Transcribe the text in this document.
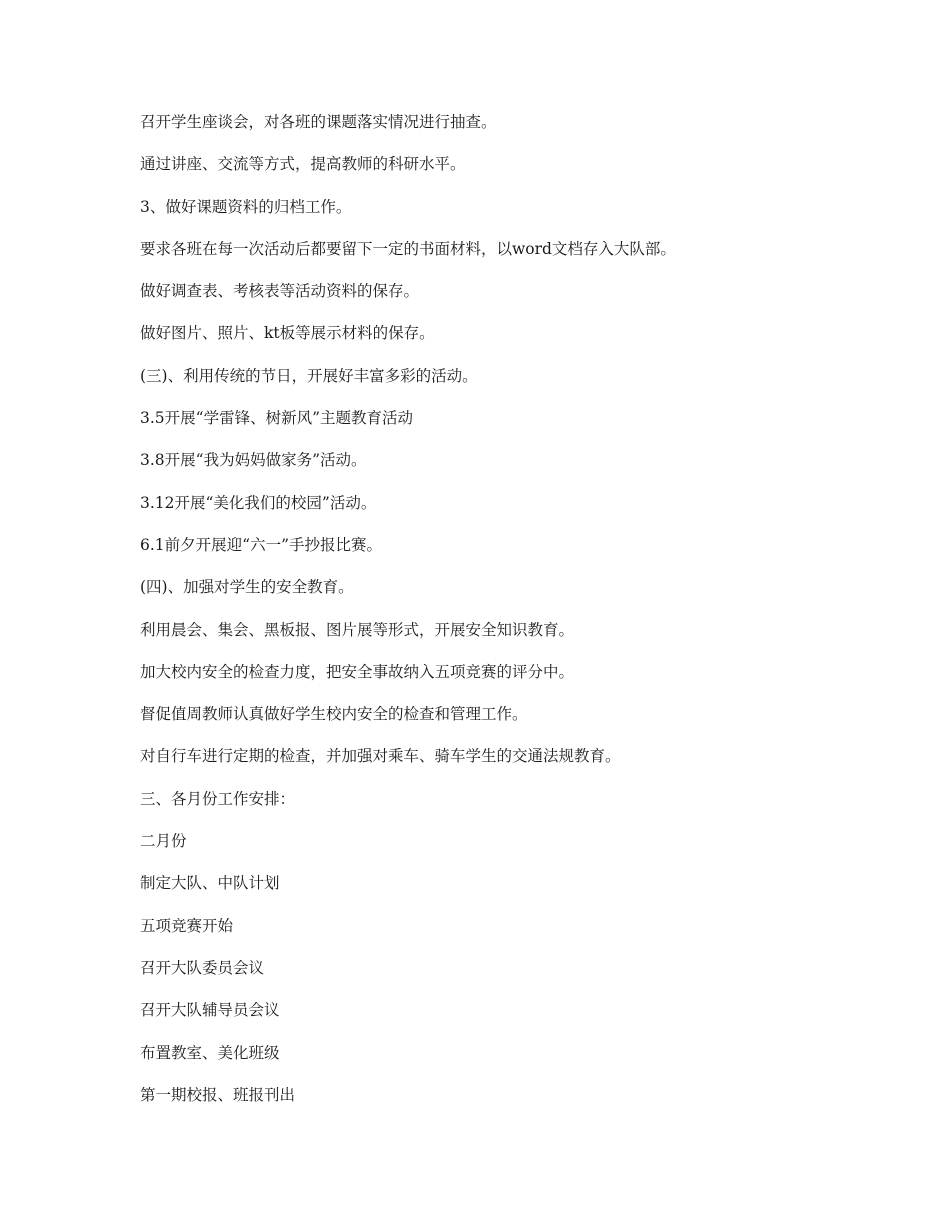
召开学生座谈会，对各班的课题落实情况进行抽查。
通过讲座、交流等方式，提高教师的科研水平。
3、做好课题资料的归档工作。
要求各班在每一次活动后都要留下一定的书面材料，以word文档存入大队部。
做好调查表、考核表等活动资料的保存。
做好图片、照片、kt板等展示材料的保存。
(三)、利用传统的节日，开展好丰富多彩的活动。
3.5开展“学雷锋、树新风”主题教育活动
3.8开展“我为妈妈做家务”活动。
3.12开展“美化我们的校园”活动。
6.1前夕开展迎“六一”手抄报比赛。
(四)、加强对学生的安全教育。
利用晨会、集会、黑板报、图片展等形式，开展安全知识教育。
加大校内安全的检查力度，把安全事故纳入五项竞赛的评分中。
督促值周教师认真做好学生校内安全的检查和管理工作。
对自行车进行定期的检查，并加强对乘车、骑车学生的交通法规教育。
三、各月份工作安排：
二月份
制定大队、中队计划
五项竞赛开始
召开大队委员会议
召开大队辅导员会议
布置教室、美化班级
第一期校报、班报刊出
